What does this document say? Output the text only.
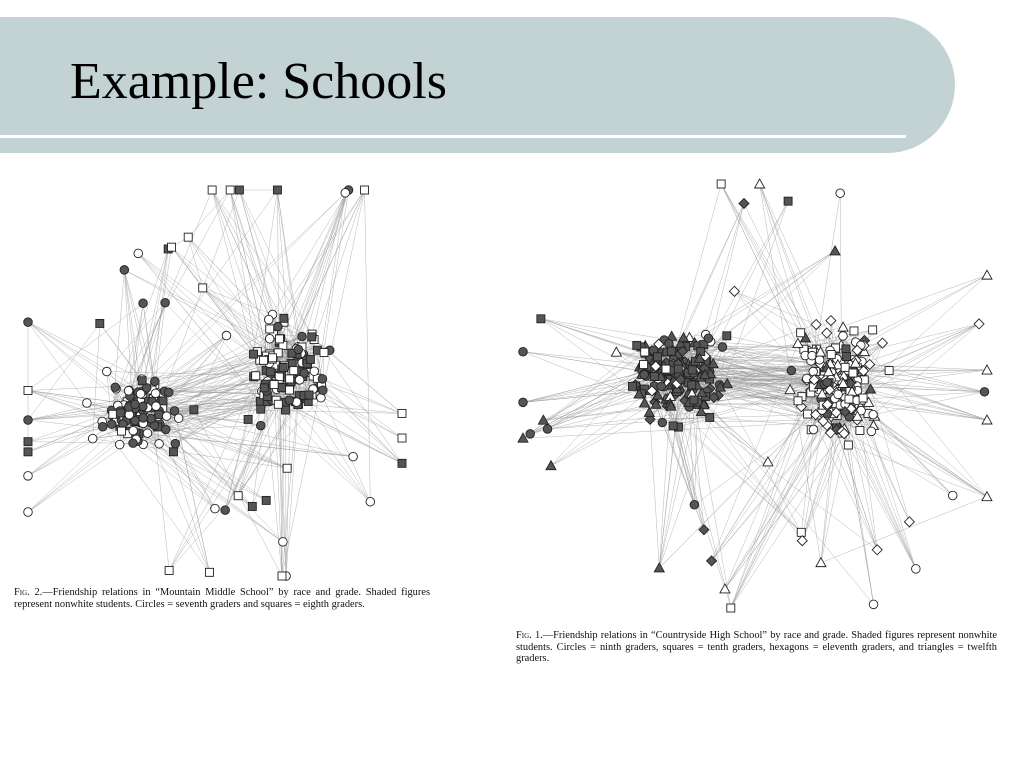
Example: Schools
Fig. 2.—Friendship relations in “Mountain Middle School” by race and grade. Shaded figures represent nonwhite students. Circles = seventh graders and squares = eighth graders.
Fig. 1.—Friendship relations in “Countryside High School” by race and grade. Shaded figures represent nonwhite students. Circles = ninth graders, squares = tenth graders, hexagons = eleventh graders, and triangles = twelfth graders.
